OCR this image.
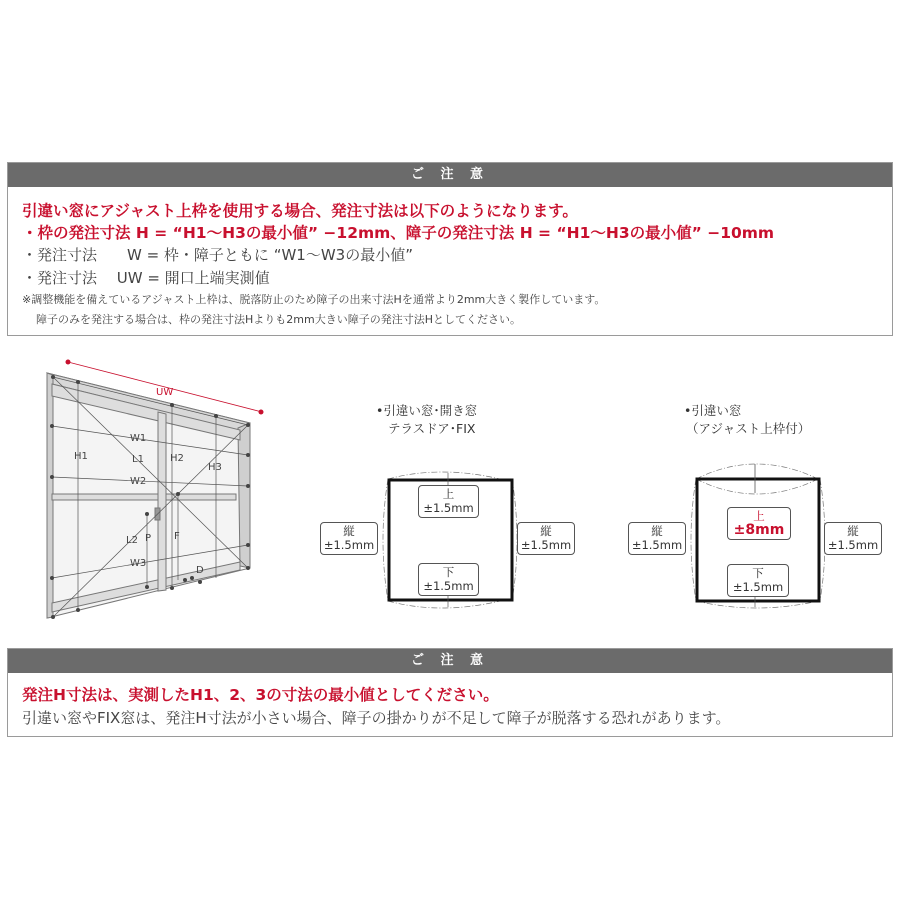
ご 注 意
引違い窓にアジャスト上枠を使用する場合、発注寸法は以下のようになります。
・枠の発注寸法 H = “H1～H3の最小値” −12mm、障子の発注寸法 H = “H1～H3の最小値” −10mm
・発注寸法　　W = 枠・障子ともに “W1～W3の最小値”
・発注寸法　 UW = 開口上端実測値
※調整機能を備えているアジャスト上枠は、脱落防止のため障子の出来寸法Hを通常より2mm大きく製作しています。
障子のみを発注する場合は、枠の発注寸法Hよりも2mm大きい障子の発注寸法Hとしてください。
UW
H1	H2
H3
W1
W2
W3
L1
L2 P F
D
•引違い窓･開き窓
テラスドア･FIX
上
±1.5mm
下
±1.5mm
縦
±1.5mm
縦
±1.5mm
•引違い窓
（アジャスト上枠付）
上
±8mm
下
±1.5mm
縦
±1.5mm
縦
±1.5mm
ご 注 意
発注H寸法は、実測したH1、2、3の寸法の最小値としてください。
引違い窓やFIX窓は、発注H寸法が小さい場合、障子の掛かりが不足して障子が脱落する恐れがあります。
